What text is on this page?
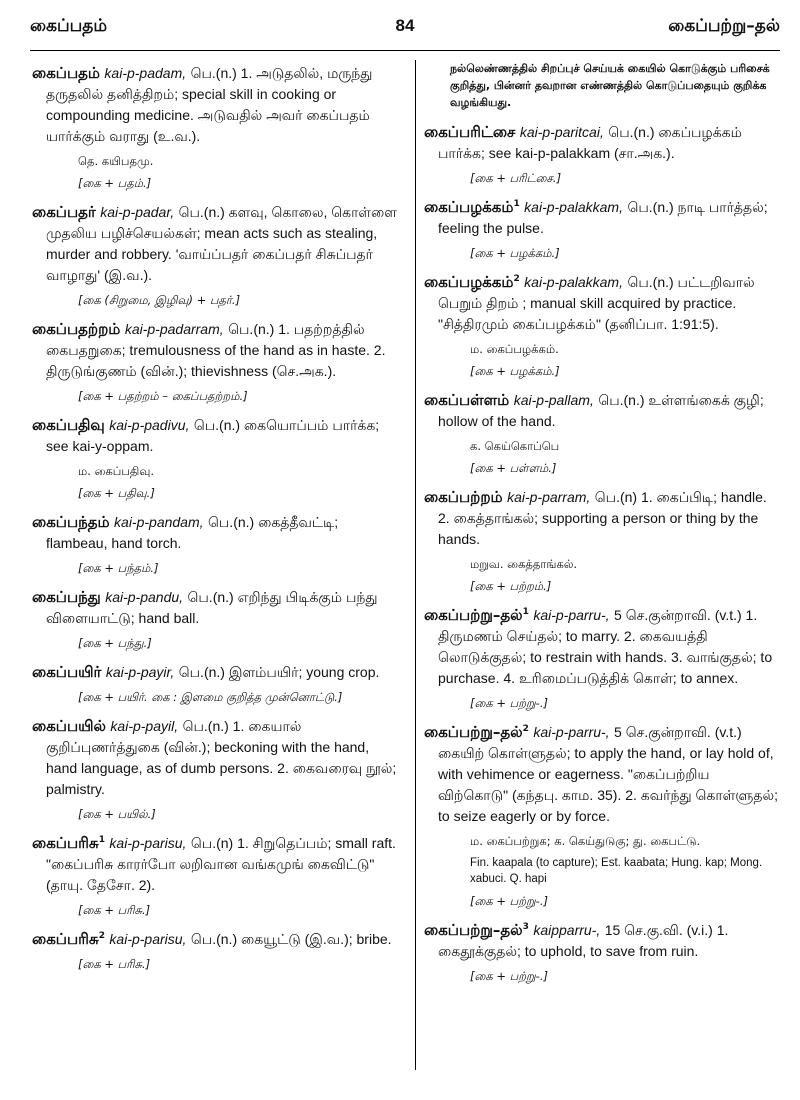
கைப்பதம்	84	கைப்பற்று–தல்
கைப்பதம் kai-p-padam, பெ.(n.) 1. அடுதலில், மருந்து தருதலில் தனித்திறம்; special skill in cooking or compounding medicine. அடுவதில் அவர் கைப்பதம் யார்க்கும் வராது (உ.வ.).
தெ. கயிபதமு.
[கை + பதம்.]
கைப்பதர் kai-p-padar, பெ.(n.) களவு, கொலை, கொள்ளை முதலிய பழிச்செயல்கள்; mean acts such as stealing, murder and robbery. 'வாய்ப்பதர் கைப்பதர் சிசுப்பதர் வாழாது' (இ.வ.).
[கை (சிறுமை, இழிவு) + பதர்.]
கைப்பதற்றம் kai-p-padarram, பெ.(n.) 1. பதற்றத்தில் கைபதறுகை; tremulousness of the hand as in haste. 2. திருடுங்குணம் (வின்.); thievishness (செ.அக.).
[கை + பதற்றம் – கைப்பதற்றம்.]
கைப்பதிவு kai-p-padivu, பெ.(n.) கையொப்பம் பார்க்க; see kai-y-oppam.
ம. கைப்பதிவு.
[கை + பதிவு.]
கைப்பந்தம் kai-p-pandam, பெ.(n.) கைத்தீவட்டி; flambeau, hand torch.
[கை + பந்தம்.]
கைப்பந்து kai-p-pandu, பெ.(n.) எறிந்து பிடிக்கும் பந்து விளையாட்டு; hand ball.
[கை + பந்து.]
கைப்பயிர் kai-p-payir, பெ.(n.) இளம்பயிர்; young crop.
[கை + பயிர். கை : இளமை குறித்த முன்னொட்டு.]
கைப்பயில் kai-p-payil, பெ.(n.) 1. கையால் குறிப்புணர்த்துகை (வின்.); beckoning with the hand, hand language, as of dumb persons. 2. கைவரைவு நூல்; palmistry.
[கை + பயில்.]
கைப்பரிசு$^1$ kai-p-parisu, பெ.(n) 1. சிறுதெப்பம்; small raft. "கைப்பரிசு காரர்போ லறிவான வங்கமுங் கைவிட்டு" (தாயு. தேசோ. 2).
[கை + பரிசு.]
கைப்பரிசு$^2$ kai-p-parisu, பெ.(n.) கையூட்டு (இ.வ.); bribe.
[கை + பரிசு.]
நல்லெண்ணத்தில் சிறப்புச் செய்யக் கையில் கொடுக்கும் பரிசைக் குறித்து, பின்னர் தவறான எண்ணத்தில் கொடுப்பதையும் குறிக்க வழங்கியது.
கைப்பரிட்சை kai-p-paritcai, பெ.(n.) கைப்பழக்கம் பார்க்க; see kai-p-palakkam (சா.அக.).
[கை + பரிட்சை.]
கைப்பழக்கம்$^1$ kai-p-palakkam, பெ.(n.) நாடி பார்த்தல்; feeling the pulse.
[கை + பழக்கம்.]
கைப்பழக்கம்$^2$ kai-p-palakkam, பெ.(n.) பட்டறிவால் பெறும் திறம் ; manual skill acquired by practice. "சித்திரமும் கைப்பழக்கம்" (தனிப்பா. 1:91:5).
ம. கைப்பழக்கம்.
[கை + பழக்கம்.]
கைப்பள்ளம் kai-p-pallam, பெ.(n.) உள்ளங்கைக் குழி; hollow of the hand.
க. கெய்கொப்பெ
[கை + பள்ளம்.]
கைப்பற்றம் kai-p-parram, பெ.(n) 1. கைப்பிடி; handle. 2. கைத்தாங்கல்; supporting a person or thing by the hands.
மறுவ. கைத்தாங்கல்.
[கை + பற்றம்.]
கைப்பற்று–தல்$^1$ kai-p-parru-, 5 செ.குன்றாவி. (v.t.) 1. திருமணம் செய்தல்; to marry. 2. கைவயத்தி லொடுக்குதல்; to restrain with hands. 3. வாங்குதல்; to purchase. 4. உரிமைப்படுத்திக் கொள்; to annex.
[கை + பற்று-.]
கைப்பற்று–தல்$^2$ kai-p-parru-, 5 செ.குன்றாவி. (v.t.) கையிற் கொள்ளுதல்; to apply the hand, or lay hold of, with vehimence or eagerness. "கைப்பற்றிய விற்கொடு" (கந்தபு. காம. 35). 2. கவர்ந்து கொள்ளுதல்; to seize eagerly or by force.
ம. கைப்பற்றுக; க. கெய்துடுகு; து. கைபட்டு.
Fin. kaapala (to capture); Est. kaabata; Hung. kap; Mong. xabuci. Q. hapi
[கை + பற்று-.]
கைப்பற்று–தல்$^3$ kaipparru-, 15 செ.கு.வி. (v.i.) 1. கைதூக்குதல்; to uphold, to save from ruin.
[கை + பற்று-.]
